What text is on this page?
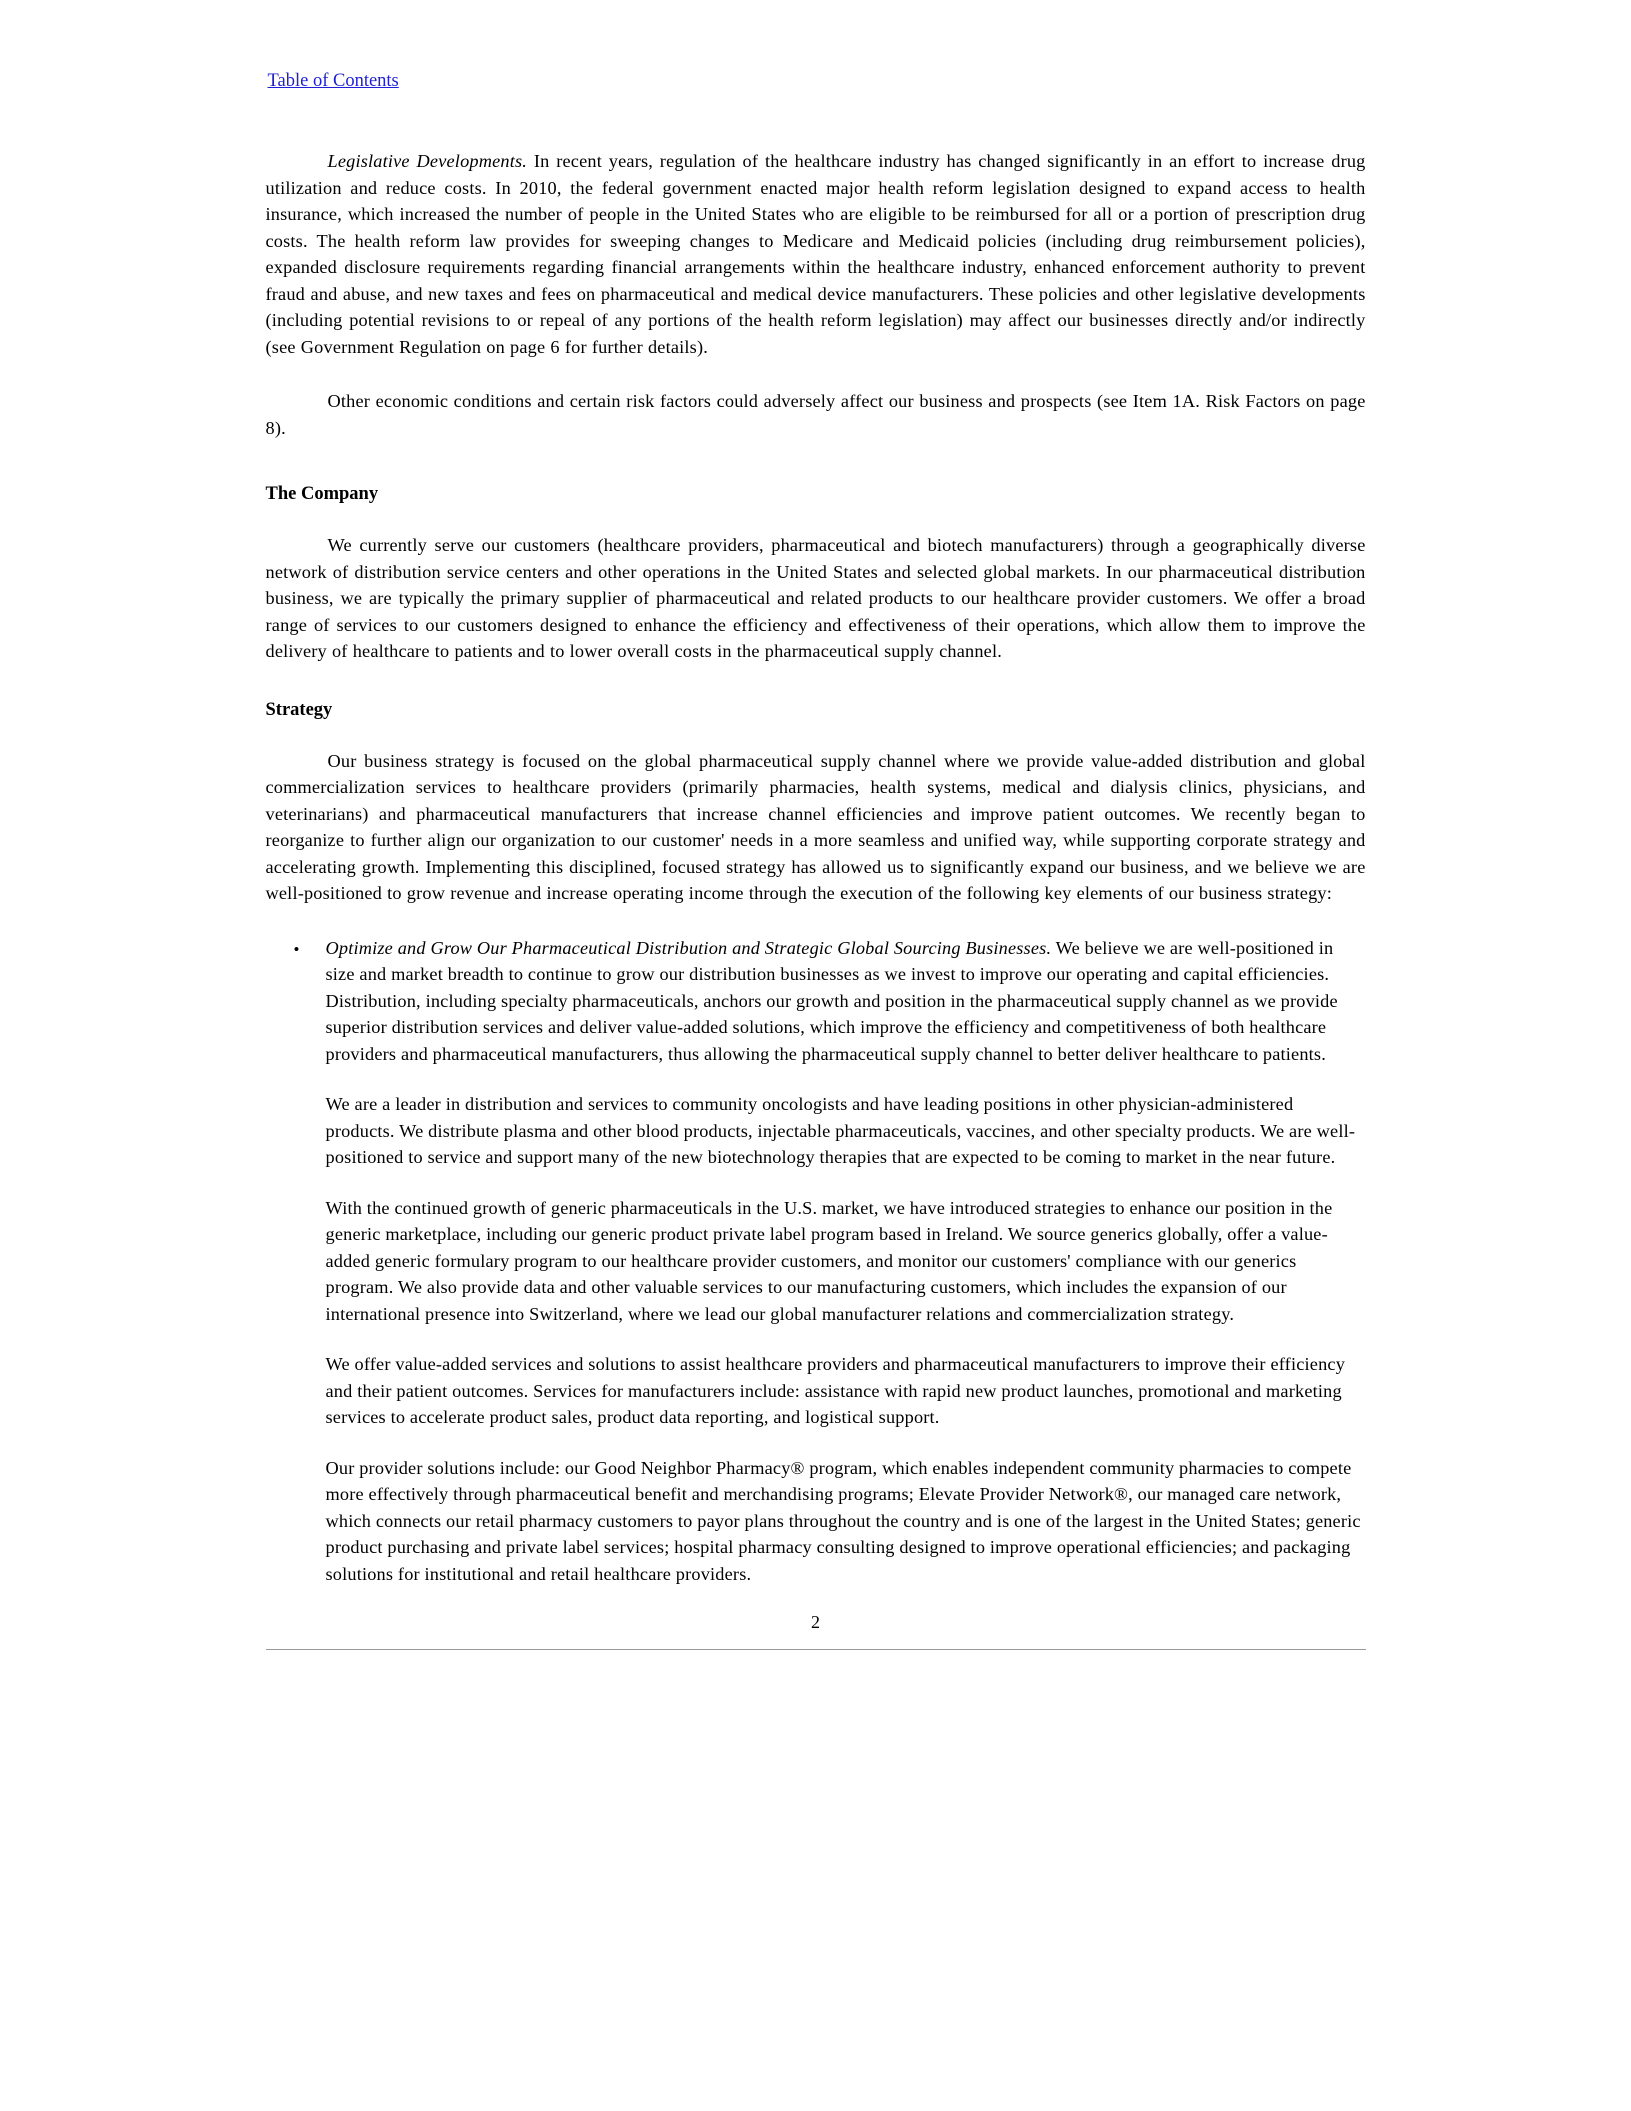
Table of Contents

Legislative Developments. In recent years, regulation of the healthcare industry has changed significantly in an effort to increase drug utilization and reduce costs. In 2010, the federal government enacted major health reform legislation designed to expand access to health insurance, which increased the number of people in the United States who are eligible to be reimbursed for all or a portion of prescription drug costs. The health reform law provides for sweeping changes to Medicare and Medicaid policies (including drug reimbursement policies), expanded disclosure requirements regarding financial arrangements within the healthcare industry, enhanced enforcement authority to prevent fraud and abuse, and new taxes and fees on pharmaceutical and medical device manufacturers. These policies and other legislative developments (including potential revisions to or repeal of any portions of the health reform legislation) may affect our businesses directly and/or indirectly (see Government Regulation on page 6 for further details).

Other economic conditions and certain risk factors could adversely affect our business and prospects (see Item 1A. Risk Factors on page 8).

The Company

We currently serve our customers (healthcare providers, pharmaceutical and biotech manufacturers) through a geographically diverse network of distribution service centers and other operations in the United States and selected global markets. In our pharmaceutical distribution business, we are typically the primary supplier of pharmaceutical and related products to our healthcare provider customers. We offer a broad range of services to our customers designed to enhance the efficiency and effectiveness of their operations, which allow them to improve the delivery of healthcare to patients and to lower overall costs in the pharmaceutical supply channel.

Strategy

Our business strategy is focused on the global pharmaceutical supply channel where we provide value-added distribution and global commercialization services to healthcare providers (primarily pharmacies, health systems, medical and dialysis clinics, physicians, and veterinarians) and pharmaceutical manufacturers that increase channel efficiencies and improve patient outcomes. We recently began to reorganize to further align our organization to our customer' needs in a more seamless and unified way, while supporting corporate strategy and accelerating growth. Implementing this disciplined, focused strategy has allowed us to significantly expand our business, and we believe we are well-positioned to grow revenue and increase operating income through the execution of the following key elements of our business strategy:

• Optimize and Grow Our Pharmaceutical Distribution and Strategic Global Sourcing Businesses. We believe we are well-positioned in size and market breadth to continue to grow our distribution businesses as we invest to improve our operating and capital efficiencies. Distribution, including specialty pharmaceuticals, anchors our growth and position in the pharmaceutical supply channel as we provide superior distribution services and deliver value-added solutions, which improve the efficiency and competitiveness of both healthcare providers and pharmaceutical manufacturers, thus allowing the pharmaceutical supply channel to better deliver healthcare to patients.

We are a leader in distribution and services to community oncologists and have leading positions in other physician-administered products. We distribute plasma and other blood products, injectable pharmaceuticals, vaccines, and other specialty products. We are well-positioned to service and support many of the new biotechnology therapies that are expected to be coming to market in the near future.

With the continued growth of generic pharmaceuticals in the U.S. market, we have introduced strategies to enhance our position in the generic marketplace, including our generic product private label program based in Ireland. We source generics globally, offer a value-added generic formulary program to our healthcare provider customers, and monitor our customers' compliance with our generics program. We also provide data and other valuable services to our manufacturing customers, which includes the expansion of our international presence into Switzerland, where we lead our global manufacturer relations and commercialization strategy.

We offer value-added services and solutions to assist healthcare providers and pharmaceutical manufacturers to improve their efficiency and their patient outcomes. Services for manufacturers include: assistance with rapid new product launches, promotional and marketing services to accelerate product sales, product data reporting, and logistical support.

Our provider solutions include: our Good Neighbor Pharmacy® program, which enables independent community pharmacies to compete more effectively through pharmaceutical benefit and merchandising programs; Elevate Provider Network®, our managed care network, which connects our retail pharmacy customers to payor plans throughout the country and is one of the largest in the United States; generic product purchasing and private label services; hospital pharmacy consulting designed to improve operational efficiencies; and packaging solutions for institutional and retail healthcare providers.

2
